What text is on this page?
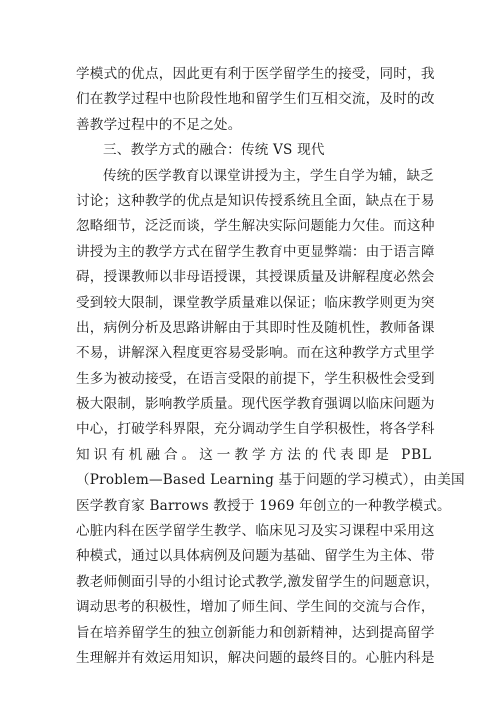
学模式的优点，因此更有利于医学留学生的接受，同时，我
们在教学过程中也阶段性地和留学生们互相交流，及时的改
善教学过程中的不足之处。
三、教学方式的融合：传统 VS 现代
传统的医学教育以课堂讲授为主，学生自学为辅，缺乏
讨论；这种教学的优点是知识传授系统且全面，缺点在于易
忽略细节，泛泛而谈，学生解决实际问题能力欠佳。而这种
讲授为主的教学方式在留学生教育中更显弊端：由于语言障
碍，授课教师以非母语授课，其授课质量及讲解程度必然会
受到较大限制，课堂教学质量难以保证；临床教学则更为突
出，病例分析及思路讲解由于其即时性及随机性，教师备课
不易，讲解深入程度更容易受影响。而在这种教学方式里学
生多为被动接受，在语言受限的前提下，学生积极性会受到
极大限制，影响教学质量。现代医学教育强调以临床问题为
中心，打破学科界限，充分调动学生自学积极性，将各学科
知识有机融合。这一教学方法的代表即是 PBL
（Problem—Based Learning 基于问题的学习模式），由美国
医学教育家 Barrows 教授于 1969 年创立的一种教学模式。
心脏内科在医学留学生教学、临床见习及实习课程中采用这
种模式，通过以具体病例及问题为基础、留学生为主体、带
教老师侧面引导的小组讨论式教学,激发留学生的问题意识，
调动思考的积极性，增加了师生间、学生间的交流与合作，
旨在培养留学生的独立创新能力和创新精神，达到提高留学
生理解并有效运用知识，解决问题的最终目的。心脏内科是
